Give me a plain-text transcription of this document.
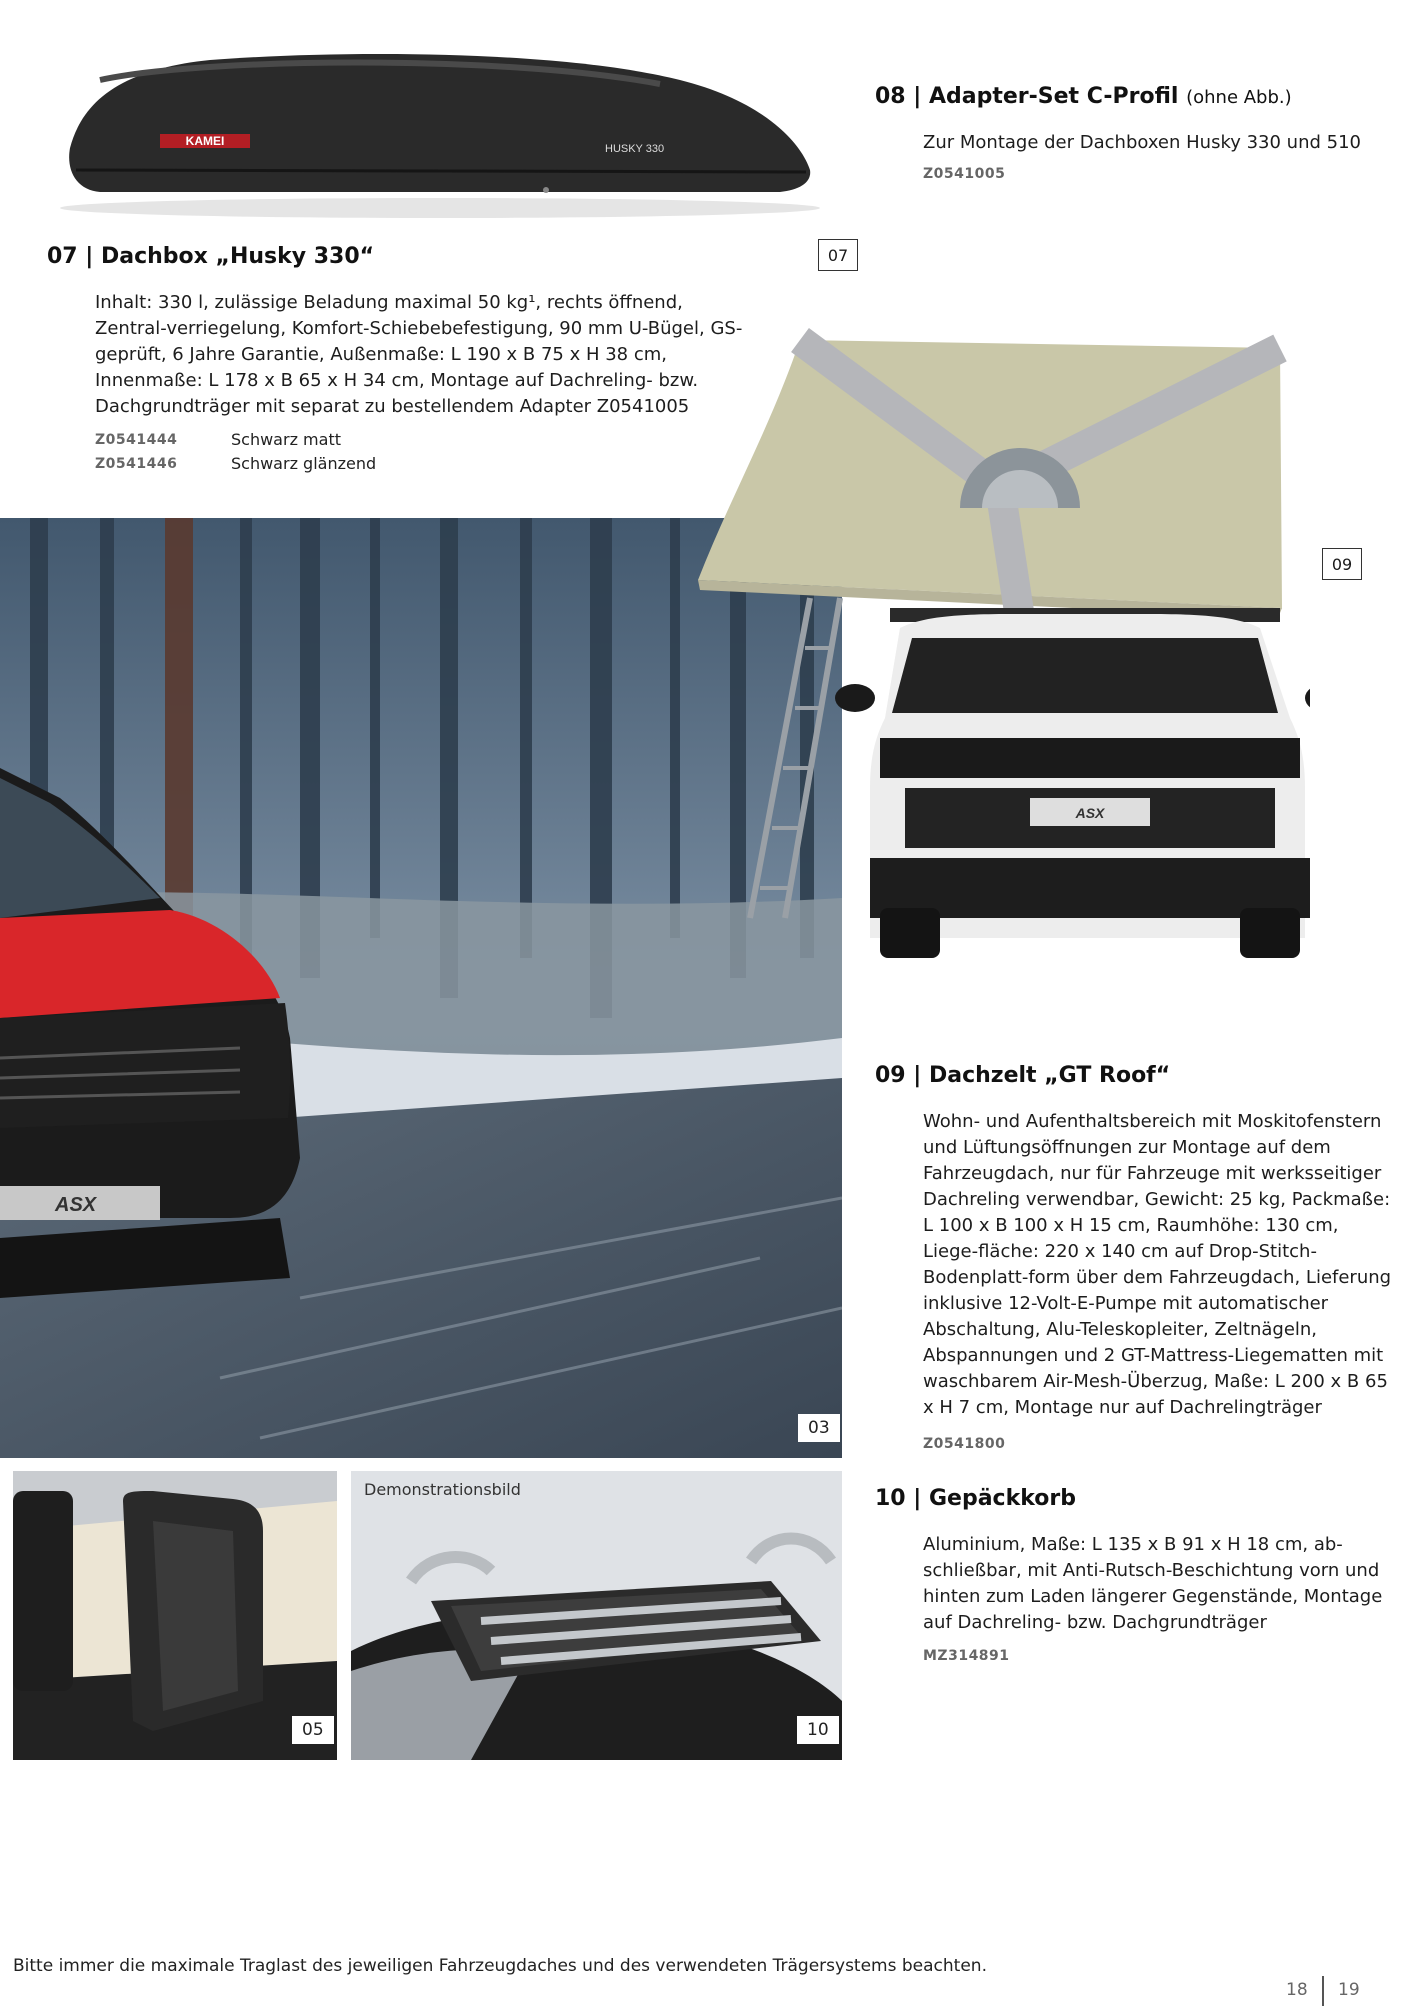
KAMEI
HUSKY 330
08 | Adapter-Set C-Profil (ohne Abb.)
Zur Montage der Dachboxen Husky 330 und 510
Z0541005
07 | Dachbox „Husky 330“
Inhalt: 330 l, zulässige Beladung maximal 50 kg¹, rechts öffnend, Zentral-verriegelung, Komfort-Schiebebefestigung, 90 mm U-Bügel, GS-geprüft, 6 Jahre Garantie, Außenmaße: L 190 x B 75 x H 38 cm, Innenmaße: L 178 x B 65 x H 34 cm, Montage auf Dachreling- bzw. Dachgrundträger mit separat zu bestellendem Adapter Z0541005
Z0541444	Schwarz matt
Z0541446	Schwarz glänzend
07
ASX
03
ASX
09
09 | Dachzelt „GT Roof“
Wohn- und Aufenthaltsbereich mit Moskitofenstern und Lüftungsöffnungen zur Montage auf dem Fahrzeugdach, nur für Fahrzeuge mit werksseitiger Dachreling verwendbar, Gewicht: 25 kg, Packmaße: L 100 x B 100 x H 15 cm, Raumhöhe: 130 cm, Liege-fläche: 220 x 140 cm auf Drop-Stitch-Bodenplatt-form über dem Fahrzeugdach, Lieferung inklusive 12-Volt-E-Pumpe mit automatischer Abschaltung, Alu-Teleskopleiter, Zeltnägeln, Abspannungen und 2 GT-Mattress-Liegematten mit waschbarem Air-Mesh-Überzug, Maße: L 200 x B 65 x H 7 cm, Montage nur auf Dachrelingträger
Z0541800
05
Demonstrationsbild
10
10 | Gepäckkorb
Aluminium, Maße: L 135 x B 91 x H 18 cm, ab-schließbar, mit Anti-Rutsch-Beschichtung vorn und hinten zum Laden längerer Gegenstände, Montage auf Dachreling- bzw. Dachgrundträger
MZ314891
Bitte immer die maximale Traglast des jeweiligen Fahrzeugdaches und des verwendeten Trägersystems beachten.
18 19
